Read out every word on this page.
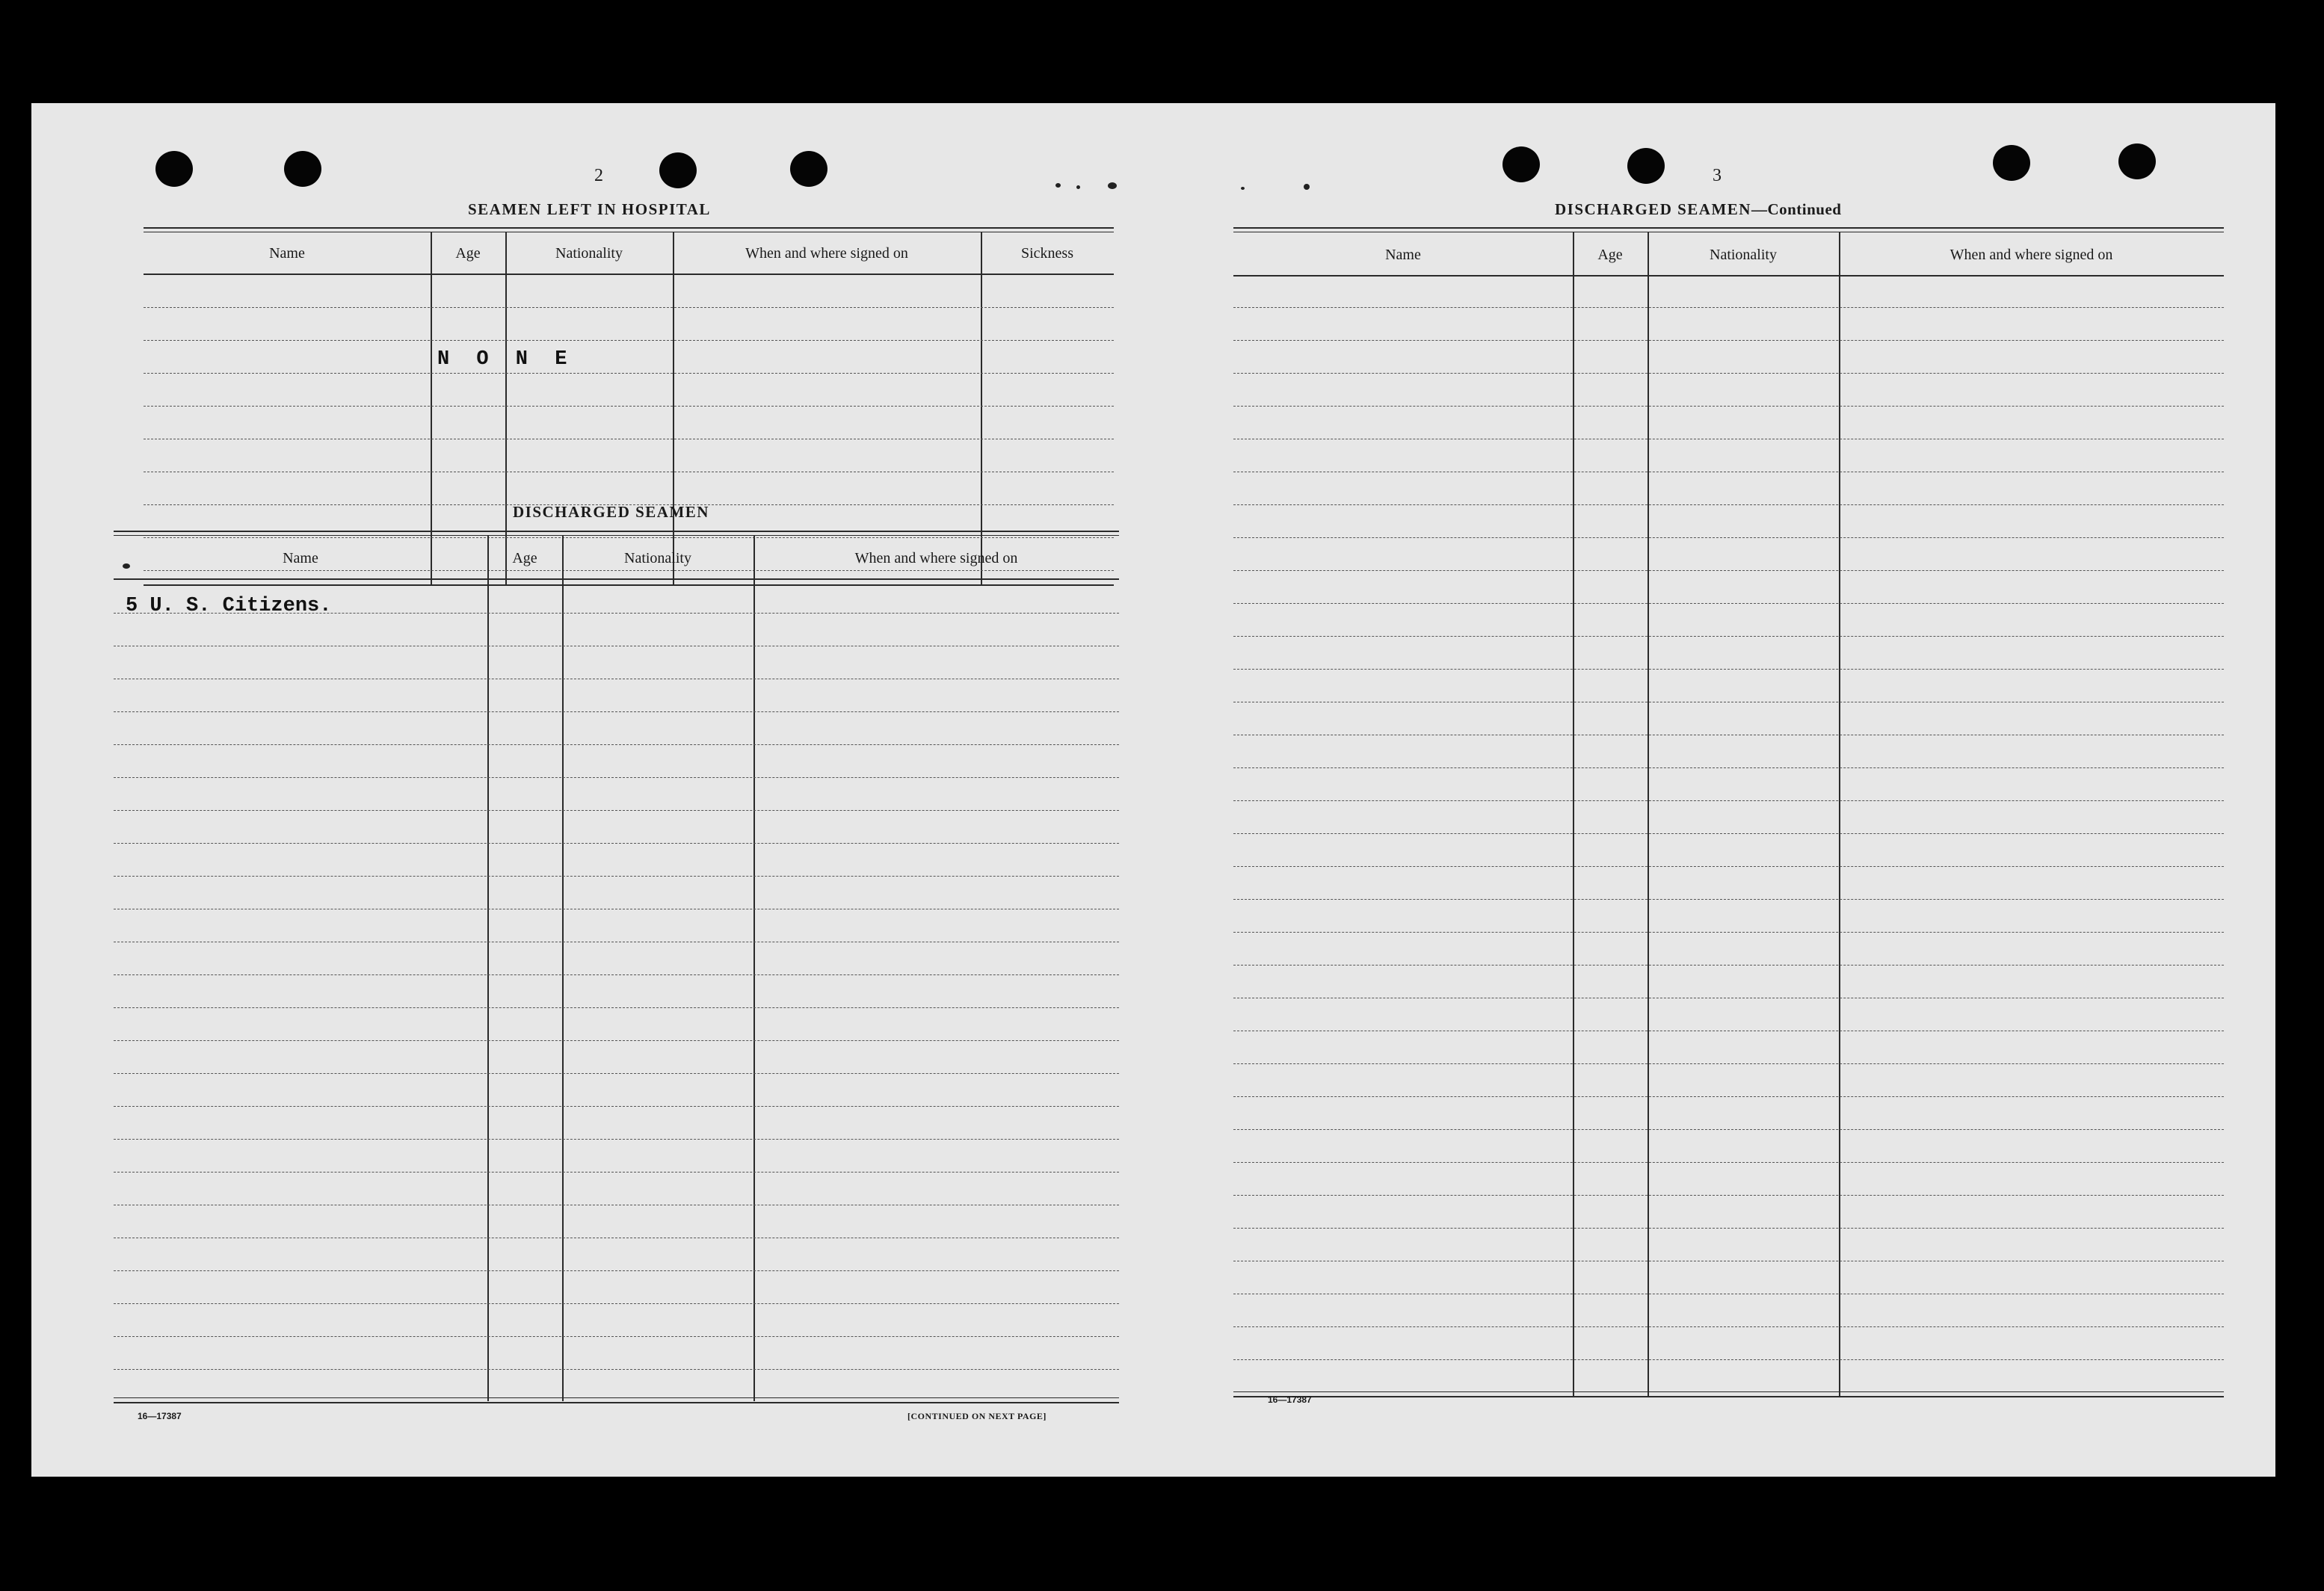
2
SEAMEN LEFT IN HOSPITAL
Name	Age	Nationality	When and where signed on	Sickness
N O N E
DISCHARGED SEAMEN
Name	Age	Nationality	When and where signed on
5 U. S. Citizens.
16—17387	[CONTINUED ON NEXT PAGE]
3
DISCHARGED SEAMEN—Continued
Name	Age	Nationality	When and where signed on
16—17387
